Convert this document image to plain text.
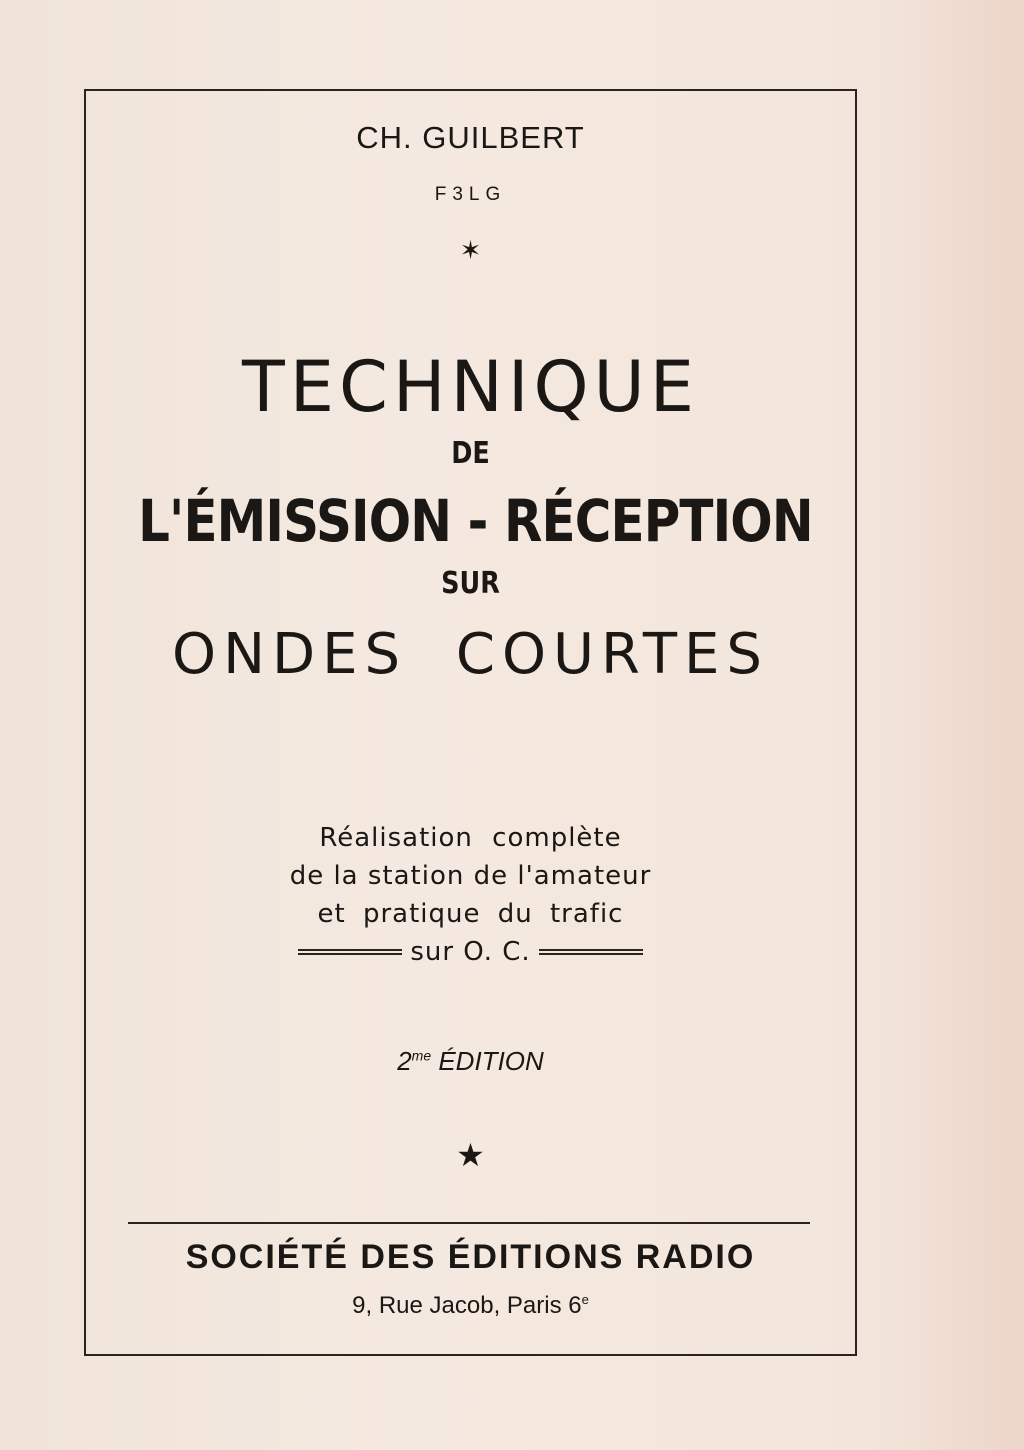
CH. GUILBERT
F3LG
✶
TECHNIQUE
DE
L'ÉMISSION - RÉCEPTION
SUR
ONDES COURTES
Réalisation complète
de la station de l'amateur
et pratique du trafic
sur O. C.
$2^{me}$ ÉDITION
★
SOCIÉTÉ DES ÉDITIONS RADIO
9, Rue Jacob, Paris 6e
